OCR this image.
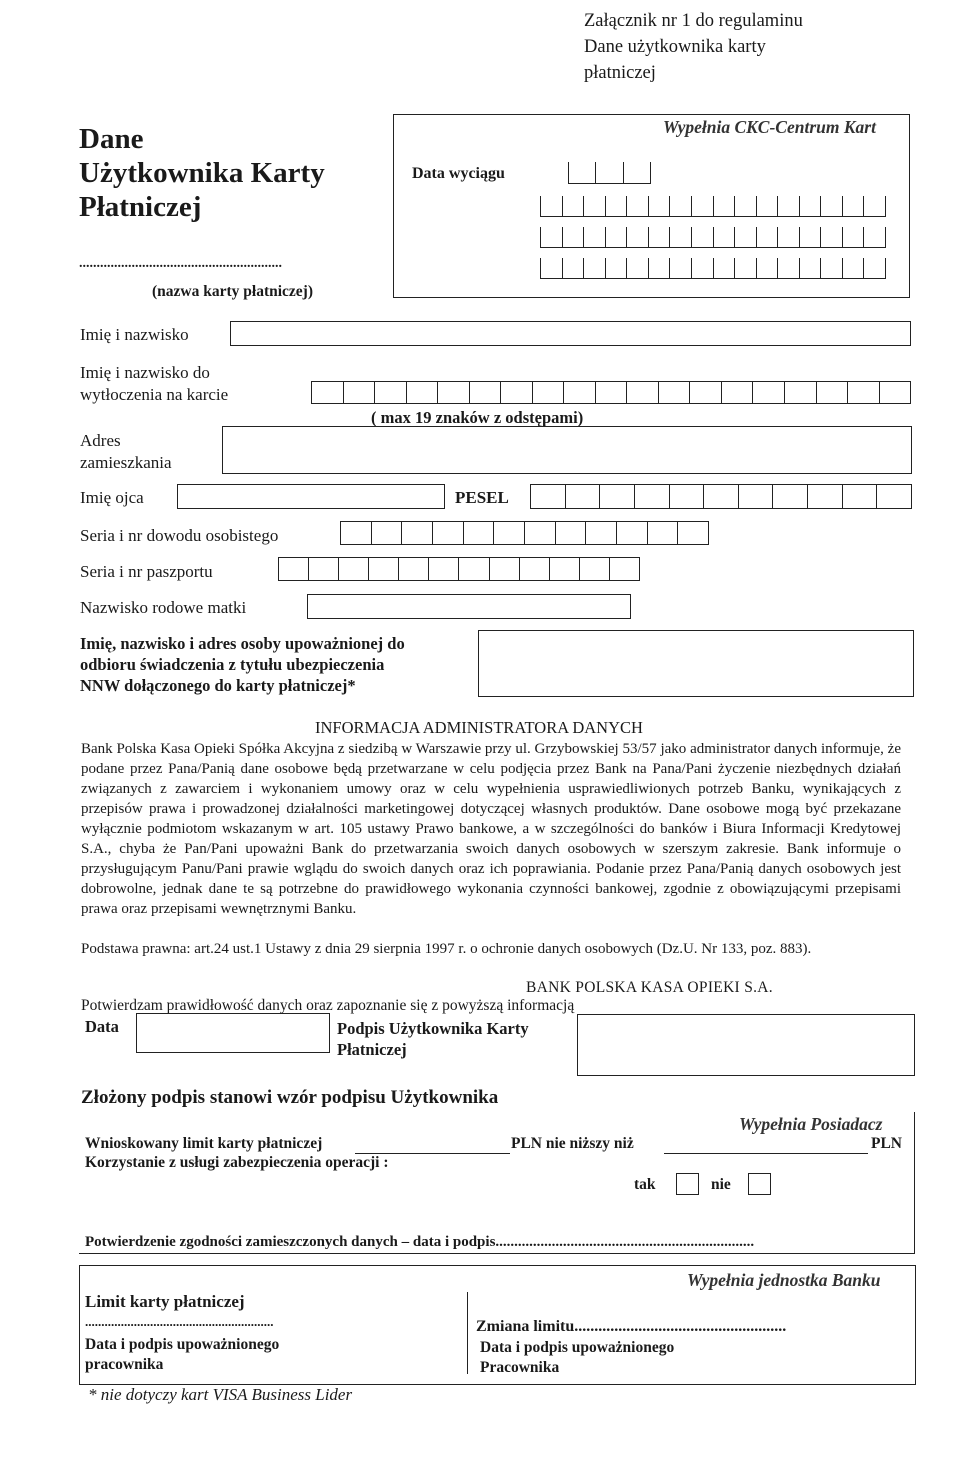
Załącznik nr 1 do regulaminu
Dane użytkownika karty
płatniczej
Dane
Użytkownika Karty
Płatniczej
..........................................................
(nazwa karty płatniczej)
Wypełnia CKC-Centrum Kart
Data wyciągu
Imię i nazwisko
Imię i nazwisko do
wytłoczenia na karcie
( max 19 znaków z odstępami)
Adres
zamieszkania
Imię ojca	PESEL
Seria i nr dowodu osobistego
Seria i nr paszportu
Nazwisko rodowe matki
Imię, nazwisko i adres osoby upoważnionej do
odbioru świadczenia z tytułu ubezpieczenia
NNW dołączonego do karty płatniczej*
INFORMACJA ADMINISTRATORA DANYCH
Bank Polska Kasa Opieki Spółka Akcyjna z siedzibą w Warszawie przy ul. Grzybowskiej 53/57 jako administrator danych informuje, że podane przez Pana/Panią dane osobowe będą przetwarzane w celu podjęcia przez Bank na Pana/Pani życzenie niezbędnych działań związanych z zawarciem i wykonaniem umowy oraz w celu wypełnienia usprawiedliwionych potrzeb Banku, wynikających z przepisów prawa i prowadzonej działalności marketingowej dotyczącej własnych produktów. Dane osobowe mogą być przekazane wyłącznie podmiotom wskazanym w art. 105 ustawy Prawo bankowe, a w szczególności do banków i Biura Informacji Kredytowej S.A., chyba że Pan/Pani upoważni Bank do przetwarzania swoich danych osobowych w szerszym zakresie. Bank informuje o przysługującym Panu/Pani prawie wglądu do swoich danych oraz ich poprawiania. Podanie przez Pana/Panią danych osobowych jest dobrowolne, jednak dane te są potrzebne do prawidłowego wykonania czynności bankowej, zgodnie z obowiązującymi przepisami prawa oraz przepisami wewnętrznymi Banku.
Podstawa prawna: art.24 ust.1 Ustawy z dnia 29 sierpnia 1997 r. o ochronie danych osobowych (Dz.U. Nr 133, poz. 883).
BANK POLSKA KASA OPIEKI S.A.
Potwierdzam prawidłowość danych oraz zapoznanie się z powyższą informacją
Data	Podpis Użytkownika Karty
Płatniczej
Złożony podpis stanowi wzór podpisu Użytkownika
Wypełnia Posiadacz
Wnioskowany limit karty płatniczej	PLN nie niższy niż	PLN
Korzystanie z usługi zabezpieczenia operacji :
tak	nie
Potwierdzenie zgodności zamieszczonych danych – data i podpis.....................................................................
Wypełnia jednostka Banku
Limit karty płatniczej
..........................................................
Data i podpis upoważnionego
pracownika
Zmiana limitu.....................................................
Data i podpis upoważnionego
Pracownika
* nie dotyczy kart VISA Business Lider
